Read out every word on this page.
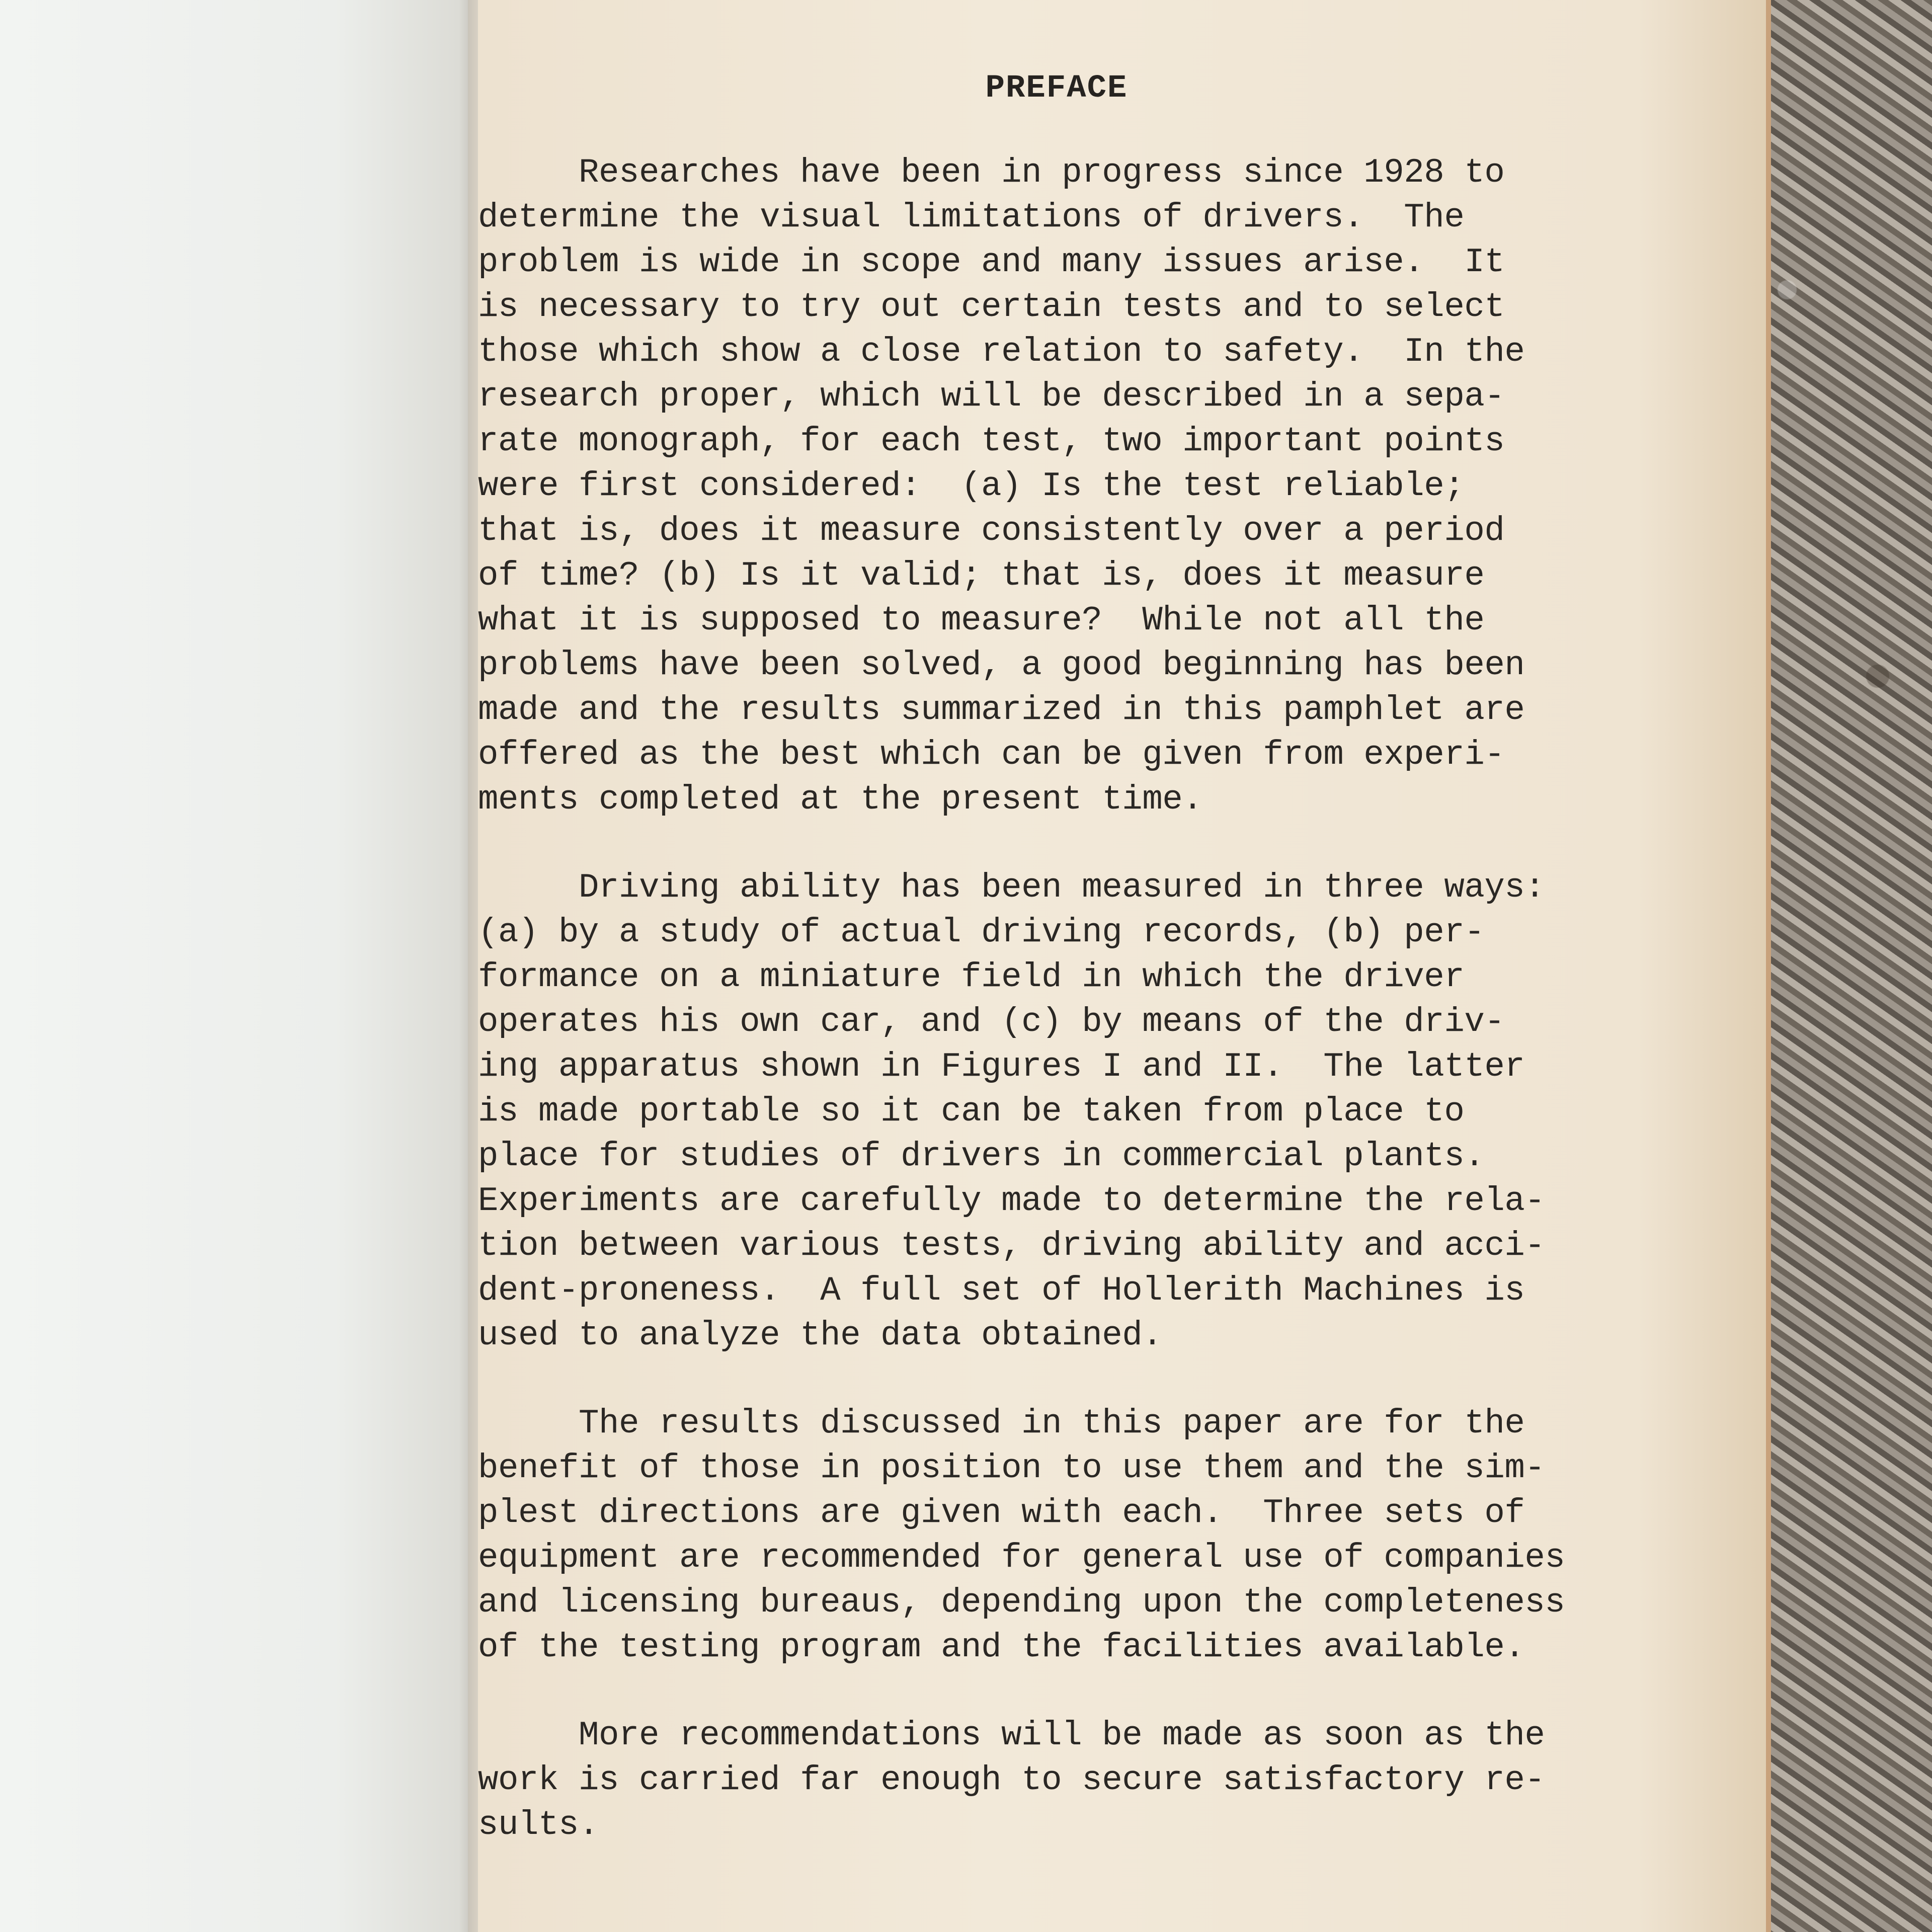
PREFACE
Researches have been in progress since 1928 to
determine the visual limitations of drivers.  The
problem is wide in scope and many issues arise.  It
is necessary to try out certain tests and to select
those which show a close relation to safety.  In the
research proper, which will be described in a sepa-
rate monograph, for each test, two important points
were first considered:  (a) Is the test reliable;
that is, does it measure consistently over a period
of time? (b) Is it valid; that is, does it measure
what it is supposed to measure?  While not all the
problems have been solved, a good beginning has been
made and the results summarized in this pamphlet are
offered as the best which can be given from experi-
ments completed at the present time.
Driving ability has been measured in three ways:
(a) by a study of actual driving records, (b) per-
formance on a miniature field in which the driver
operates his own car, and (c) by means of the driv-
ing apparatus shown in Figures I and II.  The latter
is made portable so it can be taken from place to
place for studies of drivers in commercial plants.
Experiments are carefully made to determine the rela-
tion between various tests, driving ability and acci-
dent-proneness.  A full set of Hollerith Machines is
used to analyze the data obtained.
The results discussed in this paper are for the
benefit of those in position to use them and the sim-
plest directions are given with each.  Three sets of
equipment are recommended for general use of companies
and licensing bureaus, depending upon the completeness
of the testing program and the facilities available.
More recommendations will be made as soon as the
work is carried far enough to secure satisfactory re-
sults.
